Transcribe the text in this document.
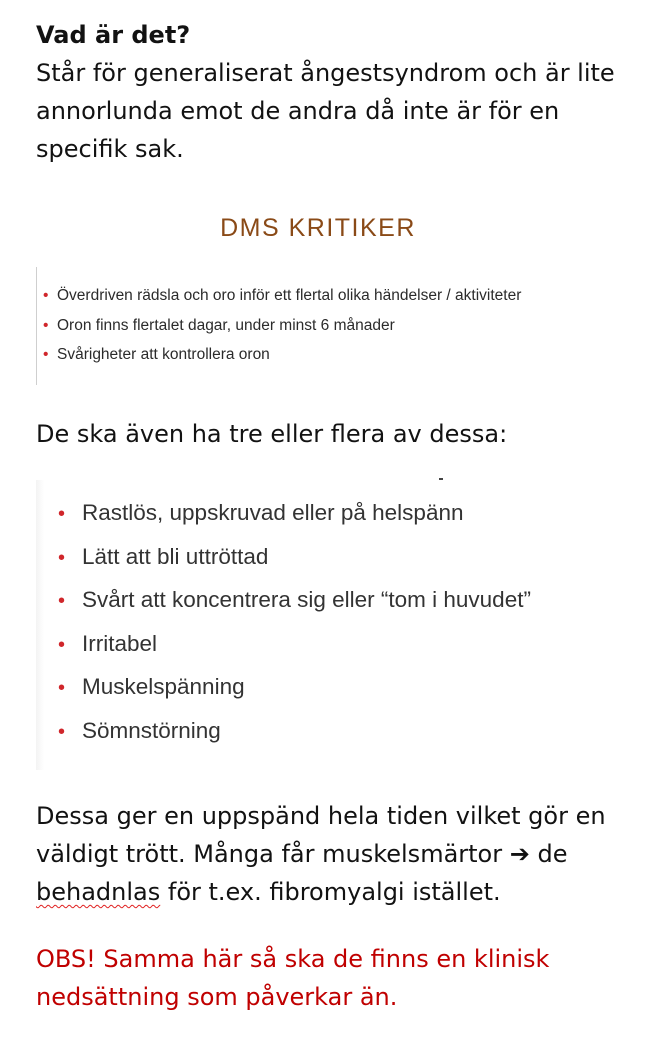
Vad är det?
Står för generaliserat ångestsyndrom och är lite annorlunda emot de andra då inte är för en specifik sak.
DMS KRITIKER
• Överdriven rädsla och oro inför ett flertal olika händelser / aktiviteter
• Oron finns flertalet dagar, under minst 6 månader
• Svårigheter att kontrollera oron
De ska även ha tre eller flera av dessa:
• Rastlös, uppskruvad eller på helspänn
• Lätt att bli uttröttad
• Svårt att koncentrera sig eller “tom i huvudet”
• Irritabel
• Muskelspänning
• Sömnstörning
Dessa ger en uppspänd hela tiden vilket gör en väldigt trött. Många får muskelsmärtor ➔ de behadnlas för t.ex. fibromyalgi istället.
OBS! Samma här så ska de finns en klinisk nedsättning som påverkar än.
